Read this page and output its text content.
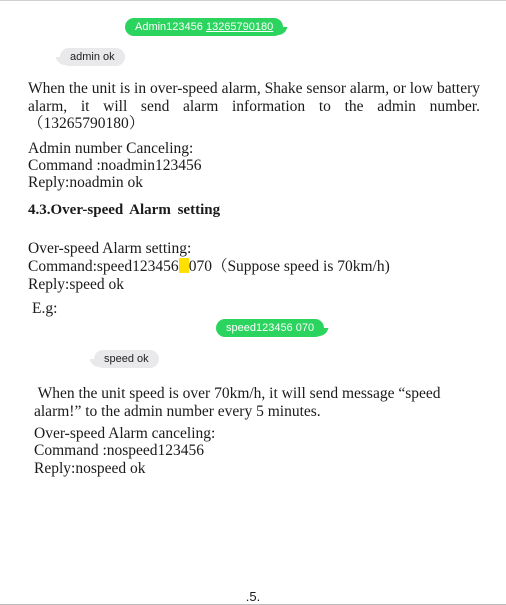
Admin123456 13265790180
admin ok
When the unit is in over-speed alarm, Shake sensor alarm, or low battery alarm, it will send alarm information to the admin number.（13265790180）
Admin number Canceling:
Command :noadmin123456
Reply:noadmin ok
4.3.Over-speed Alarm setting
Over-speed Alarm setting:
Command:speed123456 070（Suppose speed is 70km/h)
Reply:speed ok
E.g:
speed123456 070
speed ok
When the unit speed is over 70km/h, it will send message “speed
alarm!” to the admin number every 5 minutes.
Over-speed Alarm canceling:
Command :nospeed123456
Reply:nospeed ok
.5.
